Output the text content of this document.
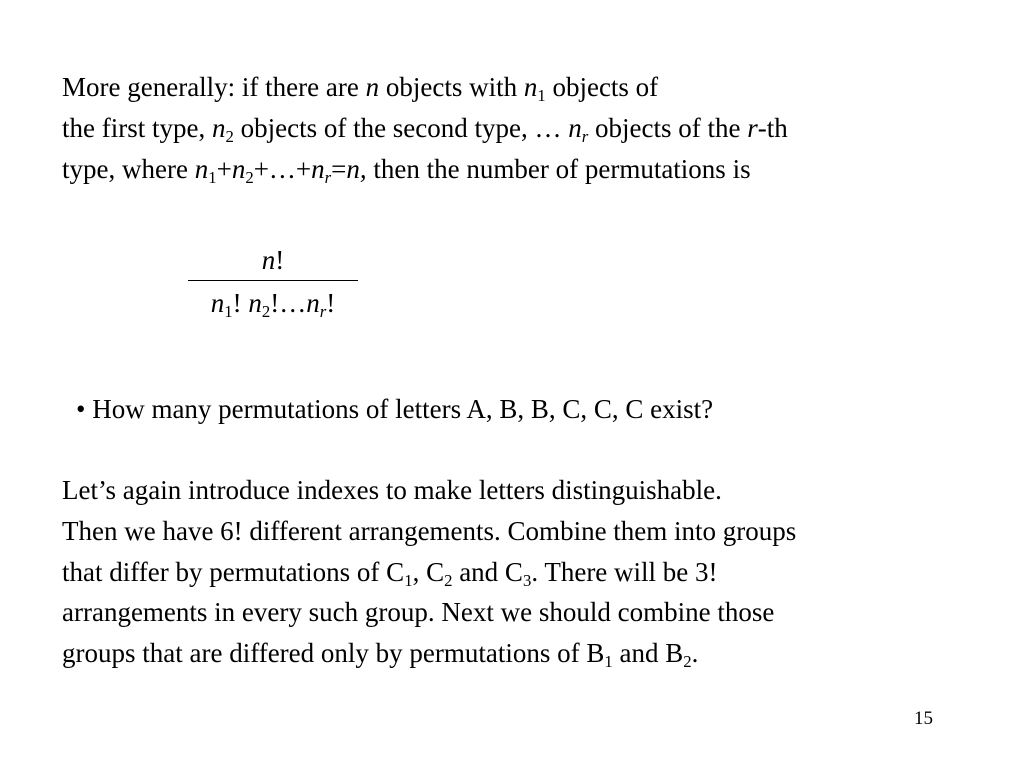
More generally: if there are n objects with $n_1$ objects of
the first type, $n_2$ objects of the second type, … $n_r$ objects of the r-th
type, where $n_1+n_2+\dots+n_r=n$, then the number of permutations is
n!
$n_1$! $n_2!\dots n_r$!
• How many permutations of letters A, B, B, C, C, C exist?
Let’s again introduce indexes to make letters distinguishable.
Then we have 6! different arrangements. Combine them into groups
that differ by permutations of $C_1$, $C_2$ and $C_3$. There will be 3!
arrangements in every such group. Next we should combine those
groups that are differed only by permutations of $B_1$ and $B_2$.
15
